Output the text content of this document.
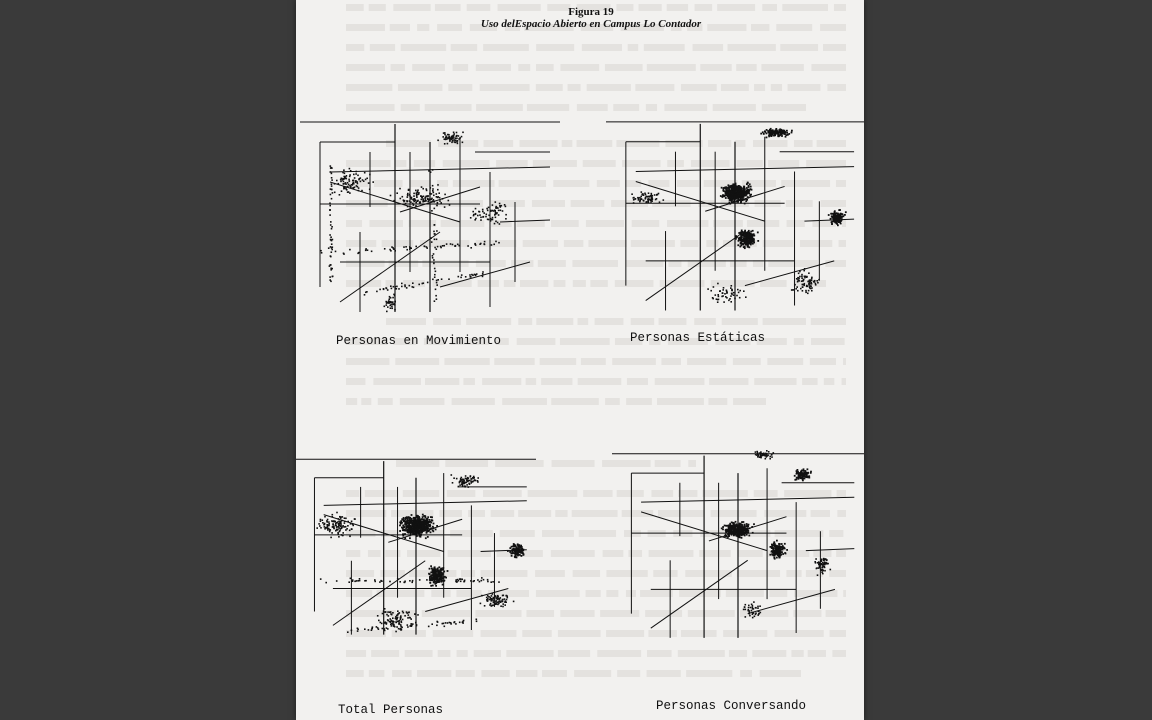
Figura 19
Uso delEspacio Abierto en Campus Lo Contador
Personas en Movimiento	Personas Estáticas
Total Personas	Personas Conversando
